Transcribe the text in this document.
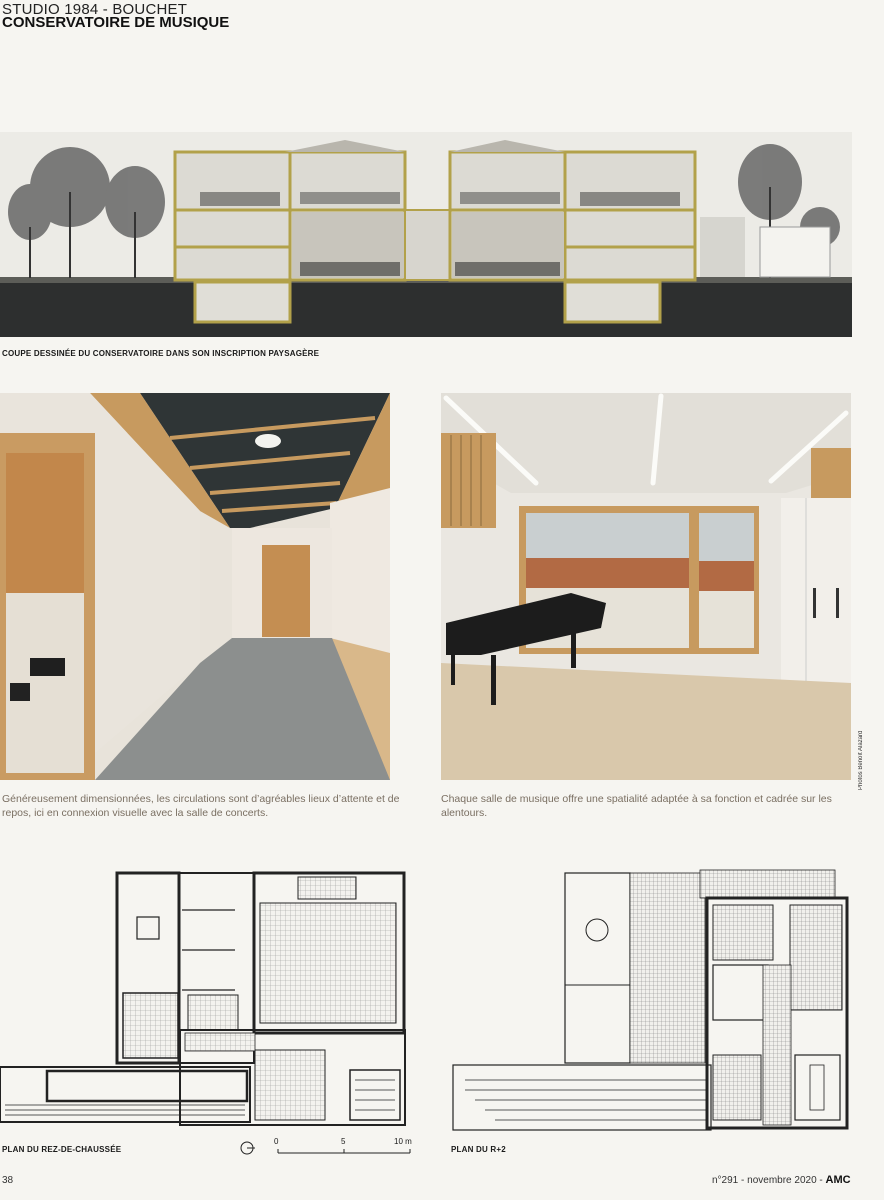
STUDIO 1984 - BOUCHET
CONSERVATOIRE DE MUSIQUE
COUPE DESSINÉE DU CONSERVATOIRE DANS SON INSCRIPTION PAYSAGÈRE
Photos Benoît Alazard
Généreusement dimensionnées, les circulations sont d’agréables lieux d’attente et de repos, ici en connexion visuelle avec la salle de concerts.
Chaque salle de musique offre une spatialité adaptée à sa fonction et cadrée sur les alentours.
PLAN DU REZ-DE-CHAUSSÉE	PLAN DU R+2
0	5	10 m
38	n°291 - novembre 2020 - AMC
